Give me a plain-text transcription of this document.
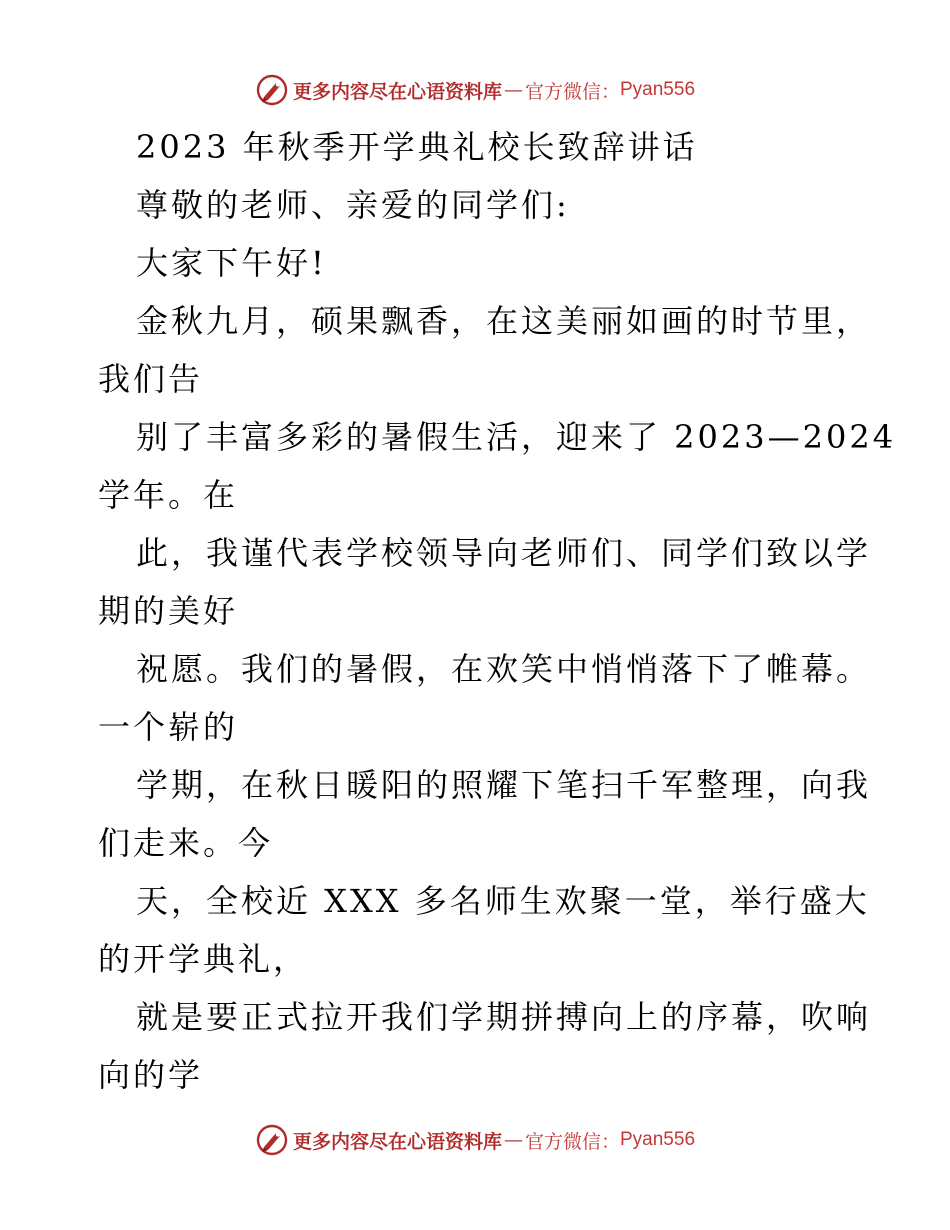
更多内容尽在心语资料库 — 官方微信： Pyan556
2023 年秋季开学典礼校长致辞讲话
尊敬的老师、亲爱的同学们:
大家下午好!
金秋九月，硕果飘香，在这美丽如画的时节里，
我们告
别了丰富多彩的暑假生活，迎来了 2023—2024
学年。在
此，我谨代表学校领导向老师们、同学们致以学
期的美好
祝愿。我们的暑假，在欢笑中悄悄落下了帷幕。
一个崭的
学期，在秋日暖阳的照耀下笔扫千军整理，向我
们走来。今
天，全校近 XXX 多名师生欢聚一堂，举行盛大
的开学典礼，
就是要正式拉开我们学期拼搏向上的序幕，吹响
向的学
更多内容尽在心语资料库 — 官方微信： Pyan556
